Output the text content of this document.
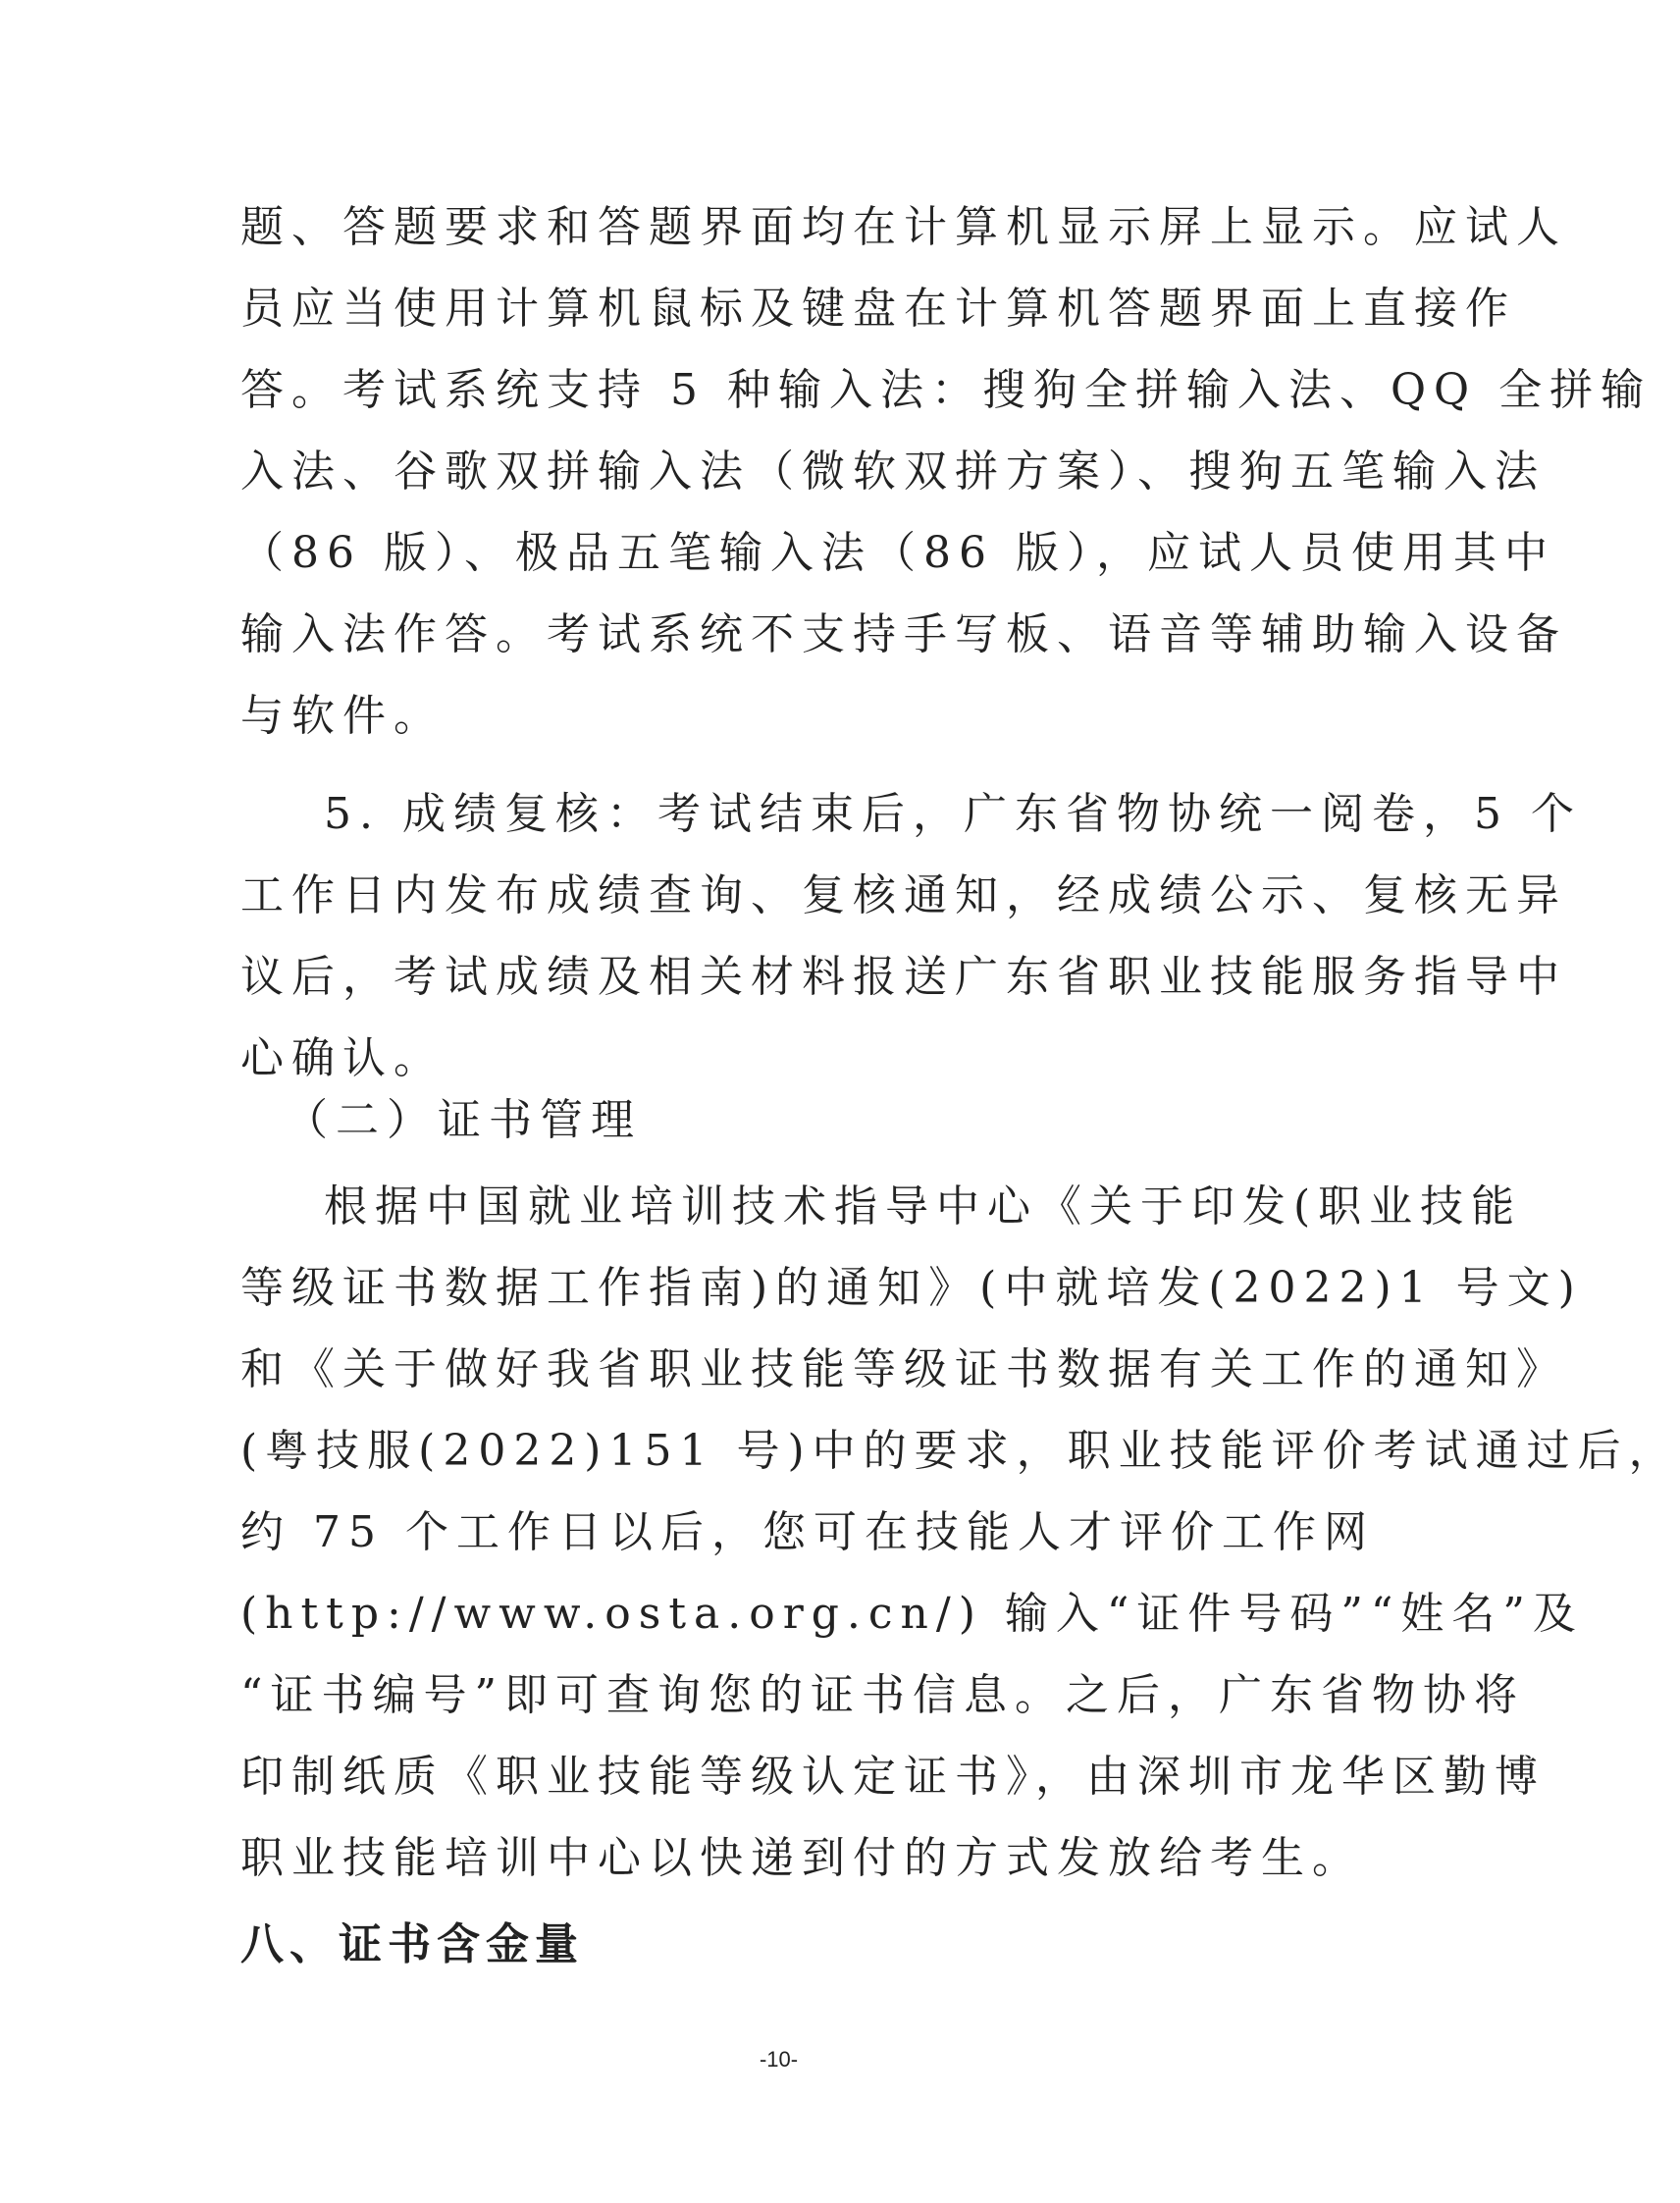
题、答题要求和答题界面均在计算机显示屏上显示。应试人
员应当使用计算机鼠标及键盘在计算机答题界面上直接作
答。考试系统支持 5 种输入法：搜狗全拼输入法、QQ 全拼输
入法、谷歌双拼输入法（微软双拼方案）、搜狗五笔输入法
（86 版）、极品五笔输入法（86 版），应试人员使用其中
输入法作答。考试系统不支持手写板、语音等辅助输入设备
与软件。
5. 成绩复核：考试结束后，广东省物协统一阅卷，5 个
工作日内发布成绩查询、复核通知，经成绩公示、复核无异
议后，考试成绩及相关材料报送广东省职业技能服务指导中
心确认。
（二）证书管理
根据中国就业培训技术指导中心《关于印发(职业技能
等级证书数据工作指南)的通知》(中就培发(2022)1 号文)
和《关于做好我省职业技能等级证书数据有关工作的通知》
(粤技服(2022)151 号)中的要求，职业技能评价考试通过后，
约 75 个工作日以后，您可在技能人才评价工作网
(http://www.osta.org.cn/) 输入“证件号码”“姓名”及
“证书编号”即可查询您的证书信息。之后，广东省物协将
印制纸质《职业技能等级认定证书》，由深圳市龙华区勤博
职业技能培训中心以快递到付的方式发放给考生。
八、证书含金量
-10-
